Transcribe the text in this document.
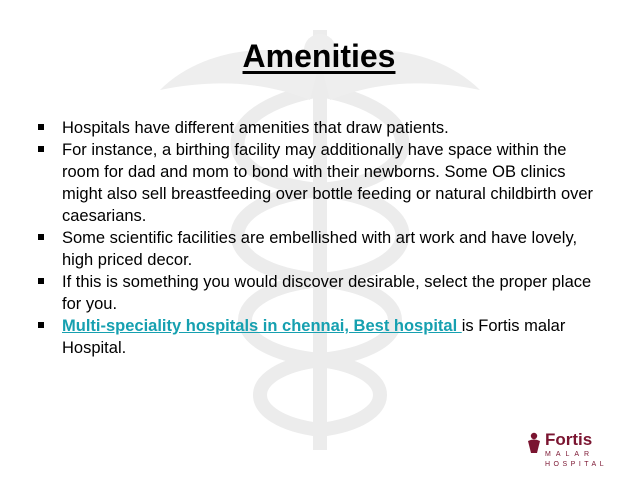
Amenities
Hospitals have different amenities that draw patients.
For instance, a birthing facility may additionally have space within the room for dad and mom to bond with their newborns. Some OB clinics might also sell breastfeeding over bottle feeding or natural childbirth over caesarians.
Some scientific facilities are embellished with art work and have lovely, high priced decor.
If this is something you would discover desirable, select the proper place for you.
Multi-speciality hospitals in chennai, Best hospital is Fortis malar Hospital.
Fortis
MALAR
HOSPITAL
